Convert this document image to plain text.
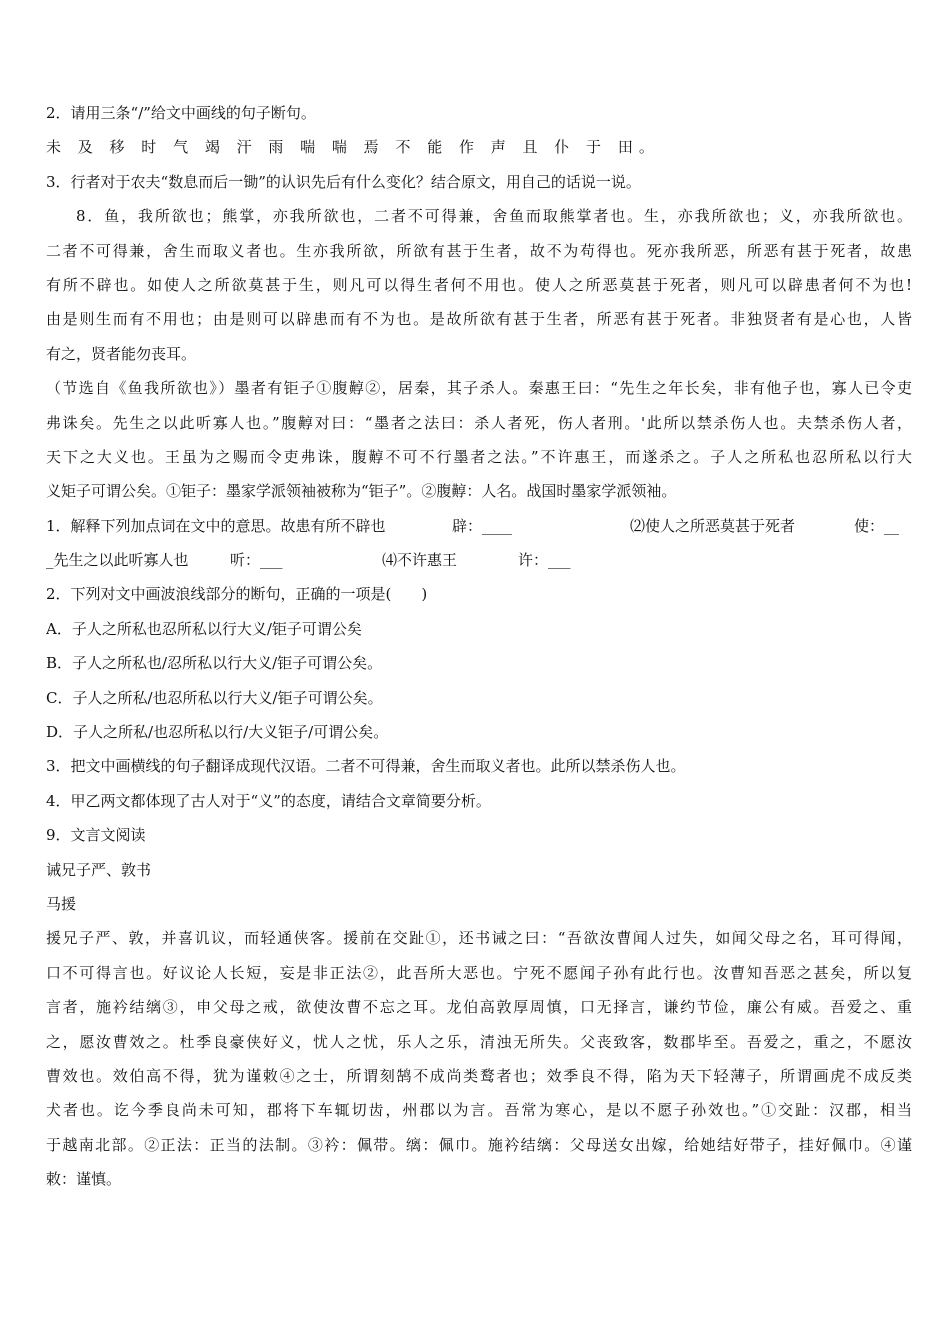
2．请用三条“/”给文中画线的句子断句。
未 及 移 时 气 竭 汗 雨 喘 喘 焉 不 能 作 声 且 仆 于 田。
3．行者对于农夫“数息而后一锄”的认识先后有什么变化？结合原文，用自己的话说一说。
8．鱼，我所欲也；熊掌，亦我所欲也，二者不可得兼，舍鱼而取熊掌者也。生，亦我所欲也；义，亦我所欲也。
二者不可得兼，舍生而取义者也。生亦我所欲，所欲有甚于生者，故不为苟得也。死亦我所恶，所恶有甚于死者，故患
有所不辟也。如使人之所欲莫甚于生，则凡可以得生者何不用也。使人之所恶莫甚于死者，则凡可以辟患者何不为也!
由是则生而有不用也；由是则可以辟患而有不为也。是故所欲有甚于生者，所恶有甚于死者。非独贤者有是心也，人皆
有之，贤者能勿丧耳。
（节选自《鱼我所欲也》）墨者有钜子①腹䵍②，居秦，其子杀人。秦惠王曰：“先生之年长矣，非有他子也，寡人已令吏
弗诛矣。先生之以此听寡人也。”腹䵍对曰：“墨者之法曰：杀人者死，伤人者刑。'此所以禁杀伤人也。夫禁杀伤人者，
天下之大义也。王虽为之赐而令吏弗诛，腹䵍不可不行墨者之法。”不许惠王，而遂杀之。子人之所私也忍所私以行大
义矩子可谓公矣。①钜子：墨家学派领袖被称为“钜子”。②腹䵍：人名。战国时墨家学派领袖。
1．解释下列加点词在文中的意思。故患有所不辟也	辟：____	⑵使人之所恶莫甚于死者	使：__
_先生之以此听寡人也	听：___	⑷不许惠王	许：___
2．下列对文中画波浪线部分的断句，正确的一项是(　　)
A．子人之所私也忍所私以行大义/钜子可谓公矣
B．子人之所私也/忍所私以行大义/钜子可谓公矣。
C．子人之所私/也忍所私以行大义/钜子可谓公矣。
D．子人之所私/也忍所私以行/大义钜子/可谓公矣。
3．把文中画横线的句子翻译成现代汉语。二者不可得兼，舍生而取义者也。此所以禁杀伤人也。
4．甲乙两文都体现了古人对于“义”的态度，请结合文章简要分析。
9．文言文阅读
诫兄子严、敦书
马援
援兄子严、敦，并喜讥议，而轻通侠客。援前在交趾①，还书诫之曰：“吾欲汝曹闻人过失，如闻父母之名，耳可得闻，
口不可得言也。好议论人长短，妄是非正法②，此吾所大恶也。宁死不愿闻子孙有此行也。汝曹知吾恶之甚矣，所以复
言者，施衿结缡③，申父母之戒，欲使汝曹不忘之耳。龙伯高敦厚周慎，口无择言，谦约节俭，廉公有威。吾爱之、重
之，愿汝曹效之。杜季良豪侠好义，忧人之忧，乐人之乐，清浊无所失。父丧致客，数郡毕至。吾爱之，重之，不愿汝
曹效也。效伯高不得，犹为谨敕④之士，所谓刻鹄不成尚类鹜者也；效季良不得，陷为天下轻薄子，所谓画虎不成反类
犬者也。讫今季良尚未可知，郡将下车辄切齿，州郡以为言。吾常为寒心，是以不愿子孙效也。”①交趾：汉郡，相当
于越南北部。②正法：正当的法制。③衿：佩带。缡：佩巾。施衿结缡：父母送女出嫁，给她结好带子，挂好佩巾。④谨
敕：谨慎。
